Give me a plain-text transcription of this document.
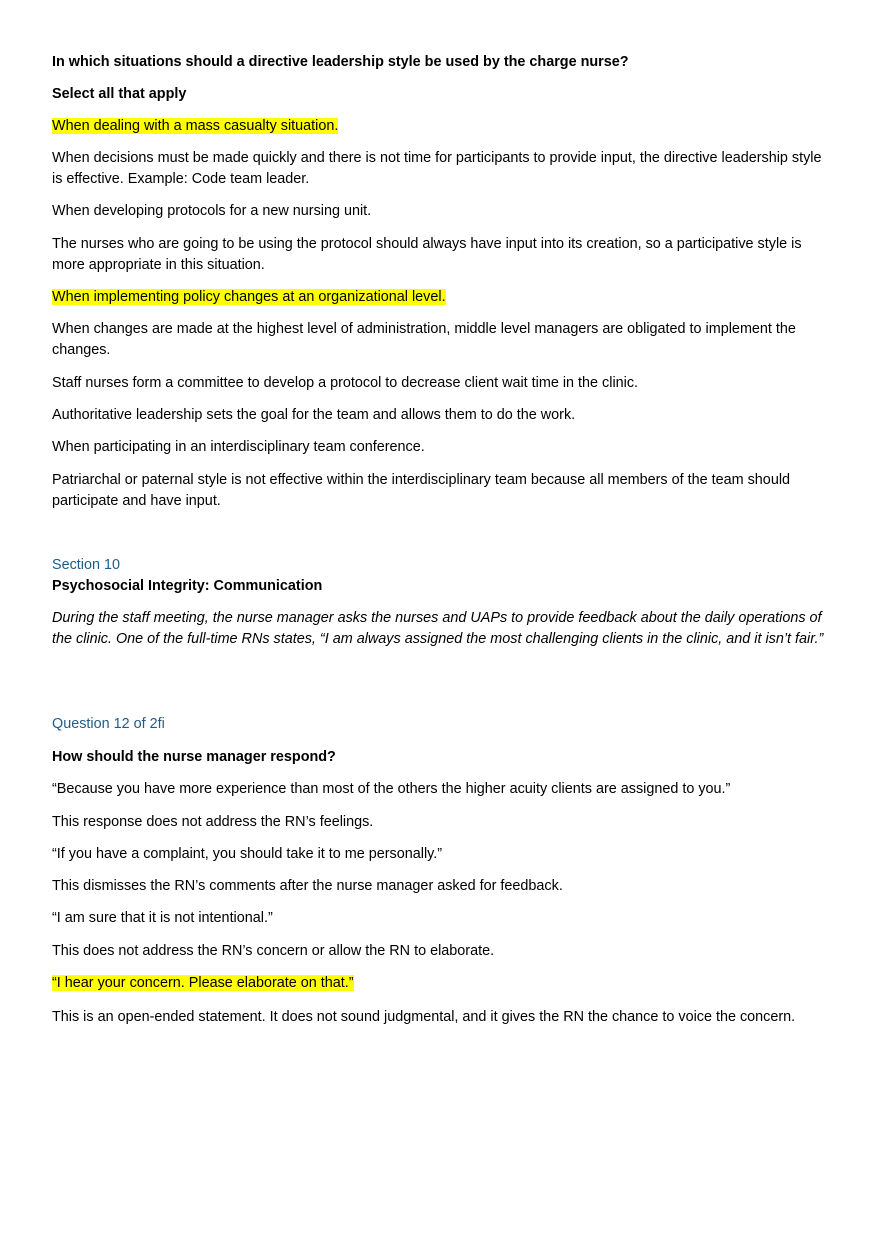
In which situations should a directive leadership style be used by the charge nurse?

Select all that apply

When dealing with a mass casualty situation.

When decisions must be made quickly and there is not time for participants to provide input, the directive leadership style is effective. Example: Code team leader.

When developing protocols for a new nursing unit.

The nurses who are going to be using the protocol should always have input into its creation, so a participative style is more appropriate in this situation.

When implementing policy changes at an organizational level.

When changes are made at the highest level of administration, middle level managers are obligated to implement the changes.

Staff nurses form a committee to develop a protocol to decrease client wait time in the clinic.

Authoritative leadership sets the goal for the team and allows them to do the work.

When participating in an interdisciplinary team conference.

Patriarchal or paternal style is not effective within the interdisciplinary team because all members of the team should participate and have input.

Section 10

Psychosocial Integrity: Communication

During the staff meeting, the nurse manager asks the nurses and UAPs to provide feedback about the daily operations of the clinic. One of the full-time RNs states, “I am always assigned the most challenging clients in the clinic, and it isn’t fair.”

Question 12 of 2ﬁ

How should the nurse manager respond?

“Because you have more experience than most of the others the higher acuity clients are assigned to you.”

This response does not address the RN’s feelings.

“If you have a complaint, you should take it to me personally.”

This dismisses the RN’s comments after the nurse manager asked for feedback.

“I am sure that it is not intentional.”

This does not address the RN’s concern or allow the RN to elaborate.

“I hear your concern. Please elaborate on that.”

This is an open-ended statement. It does not sound judgmental, and it gives the RN the chance to voice the concern.
